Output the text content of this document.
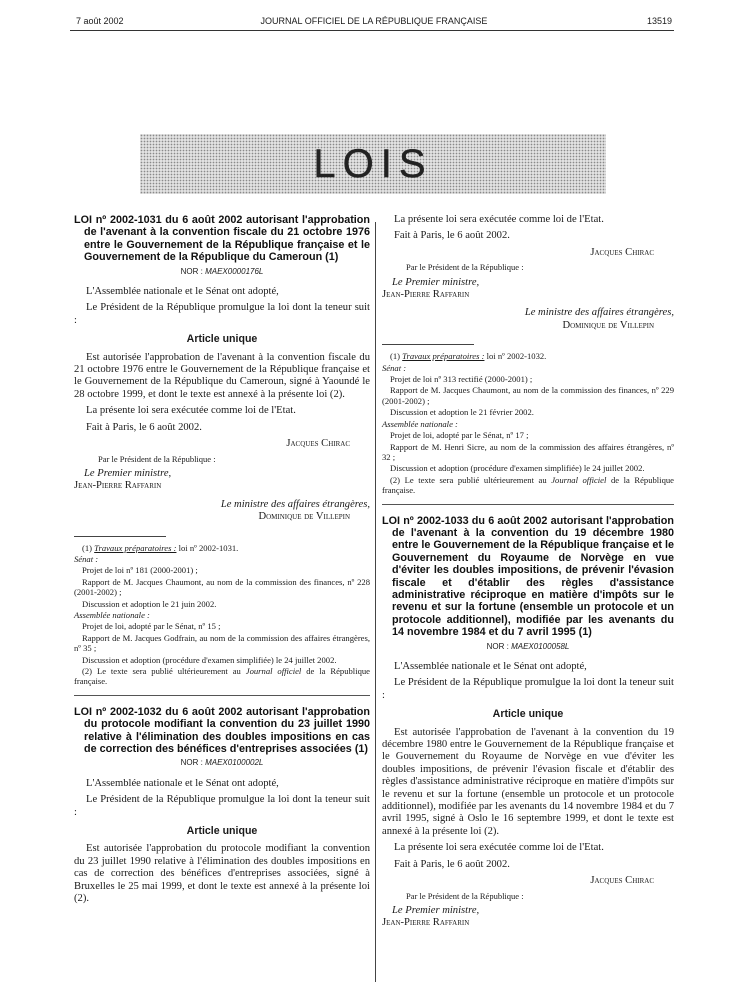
7 août 2002	JOURNAL OFFICIEL DE LA RÉPUBLIQUE FRANÇAISE	13519
LOIS
LOI nº 2002-1031 du 6 août 2002 autorisant l'approbation de l'avenant à la convention fiscale du 21 octobre 1976 entre le Gouvernement de la République française et le Gouvernement de la République du Cameroun (1)
NOR : MAEX0000176L

L'Assemblée nationale et le Sénat ont adopté,

Le Président de la République promulgue la loi dont la teneur suit :

Article unique

Est autorisée l'approbation de l'avenant à la convention fiscale du 21 octobre 1976 entre le Gouvernement de la République française et le Gouvernement de la République du Cameroun, signé à Yaoundé le 28 octobre 1999, et dont le texte est annexé à la présente loi (2).

La présente loi sera exécutée comme loi de l'Etat.

Fait à Paris, le 6 août 2002.

Jacques Chirac
Par le Président de la République :
Le Premier ministre,
Jean-Pierre Raffarin
Le ministre des affaires étrangères,
Dominique de Villepin

(1) Travaux préparatoires : loi nº 2002-1031.

Sénat :

Projet de loi nº 181 (2000-2001) ;

Rapport de M. Jacques Chaumont, au nom de la commission des finances, nº 228 (2001-2002) ;

Discussion et adoption le 21 juin 2002.

Assemblée nationale :

Projet de loi, adopté par le Sénat, nº 15 ;

Rapport de M. Jacques Godfrain, au nom de la commission des affaires étrangères, nº 35 ;

Discussion et adoption (procédure d'examen simplifiée) le 24 juillet 2002.

(2) Le texte sera publié ultérieurement au Journal officiel de la République française.

LOI nº 2002-1032 du 6 août 2002 autorisant l'approbation du protocole modifiant la convention du 23 juillet 1990 relative à l'élimination des doubles impositions en cas de correction des bénéfices d'entreprises associées (1)
NOR : MAEX0100002L

L'Assemblée nationale et le Sénat ont adopté,

Le Président de la République promulgue la loi dont la teneur suit :

Article unique

Est autorisée l'approbation du protocole modifiant la convention du 23 juillet 1990 relative à l'élimination des doubles impositions en cas de correction des bénéfices d'entreprises associées, signé à Bruxelles le 25 mai 1999, et dont le texte est annexé à la présente loi (2).

La présente loi sera exécutée comme loi de l'Etat.

Fait à Paris, le 6 août 2002.

Jacques Chirac
Par le Président de la République :
Le Premier ministre,
Jean-Pierre Raffarin
Le ministre des affaires étrangères,
Dominique de Villepin

(1) Travaux préparatoires : loi nº 2002-1032.

Sénat :

Projet de loi nº 313 rectifié (2000-2001) ;

Rapport de M. Jacques Chaumont, au nom de la commission des finances, nº 229 (2001-2002) ;

Discussion et adoption le 21 février 2002.

Assemblée nationale :

Projet de loi, adopté par le Sénat, nº 17 ;

Rapport de M. Henri Sicre, au nom de la commission des affaires étrangères, nº 32 ;

Discussion et adoption (procédure d'examen simplifiée) le 24 juillet 2002.

(2) Le texte sera publié ultérieurement au Journal officiel de la République française.

LOI nº 2002-1033 du 6 août 2002 autorisant l'approbation de l'avenant à la convention du 19 décembre 1980 entre le Gouvernement de la République française et le Gouvernement du Royaume de Norvège en vue d'éviter les doubles impositions, de prévenir l'évasion fiscale et d'établir des règles d'assistance administrative réciproque en matière d'impôts sur le revenu et sur la fortune (ensemble un protocole et un protocole additionnel), modifiée par les avenants du 14 novembre 1984 et du 7 avril 1995 (1)
NOR : MAEX0100058L

L'Assemblée nationale et le Sénat ont adopté,

Le Président de la République promulgue la loi dont la teneur suit :

Article unique

Est autorisée l'approbation de l'avenant à la convention du 19 décembre 1980 entre le Gouvernement de la République française et le Gouvernement du Royaume de Norvège en vue d'éviter les doubles impositions, de prévenir l'évasion fiscale et d'établir des règles d'assistance administrative réciproque en matière d'impôts sur le revenu et sur la fortune (ensemble un protocole et un protocole additionnel), modifiée par les avenants du 14 novembre 1984 et du 7 avril 1995, signé à Oslo le 16 septembre 1999, et dont le texte est annexé à la présente loi (2).

La présente loi sera exécutée comme loi de l'Etat.

Fait à Paris, le 6 août 2002.

Jacques Chirac
Par le Président de la République :
Le Premier ministre,
Jean-Pierre Raffarin
